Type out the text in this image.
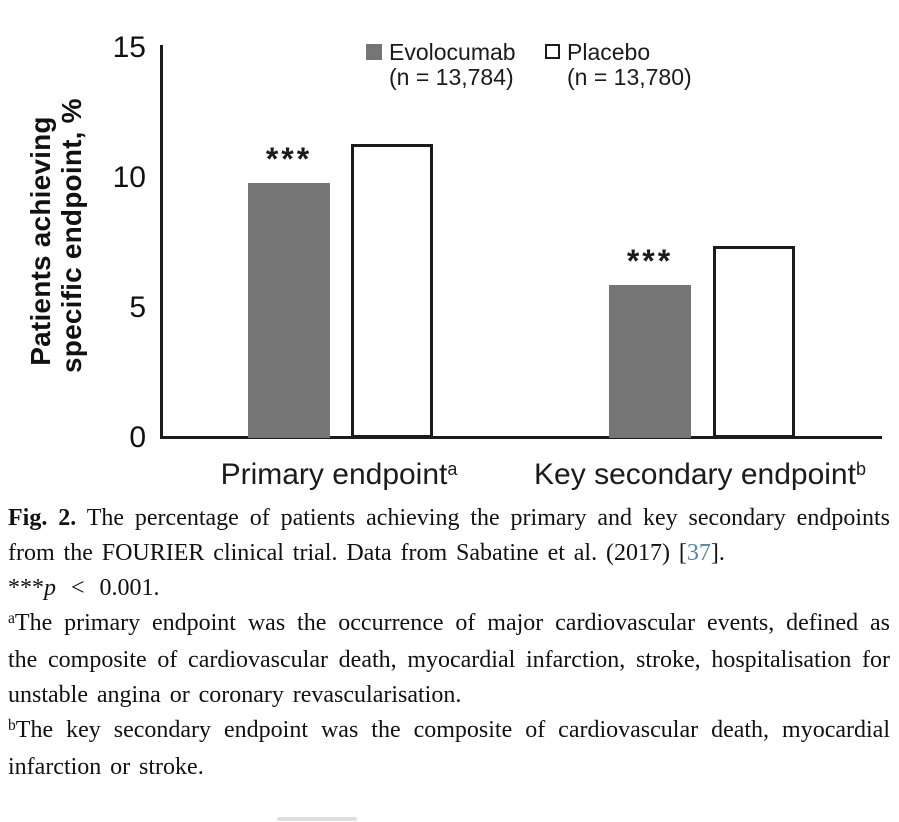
Patients achieving
specific endpoint, %
15
10
5
0
***
***
Evolocumab
(n = 13,784)
Placebo
(n = 13,780)
Primary endpoint$^a$	Key secondary endpoint$^b$

Fig. 2. The percentage of patients achieving the primary and key secondary endpoints from the FOURIER clinical trial. Data from Sabatine et al. (2017) [37].

***p < 0.001.

$^a$The primary endpoint was the occurrence of major cardiovascular events, defined as the composite of cardiovascular death, myocardial infarction, stroke, hospitalisation for unstable angina or coronary revascularisation.

$^b$The key secondary endpoint was the composite of cardiovascular death, myocardial infarction or stroke.
